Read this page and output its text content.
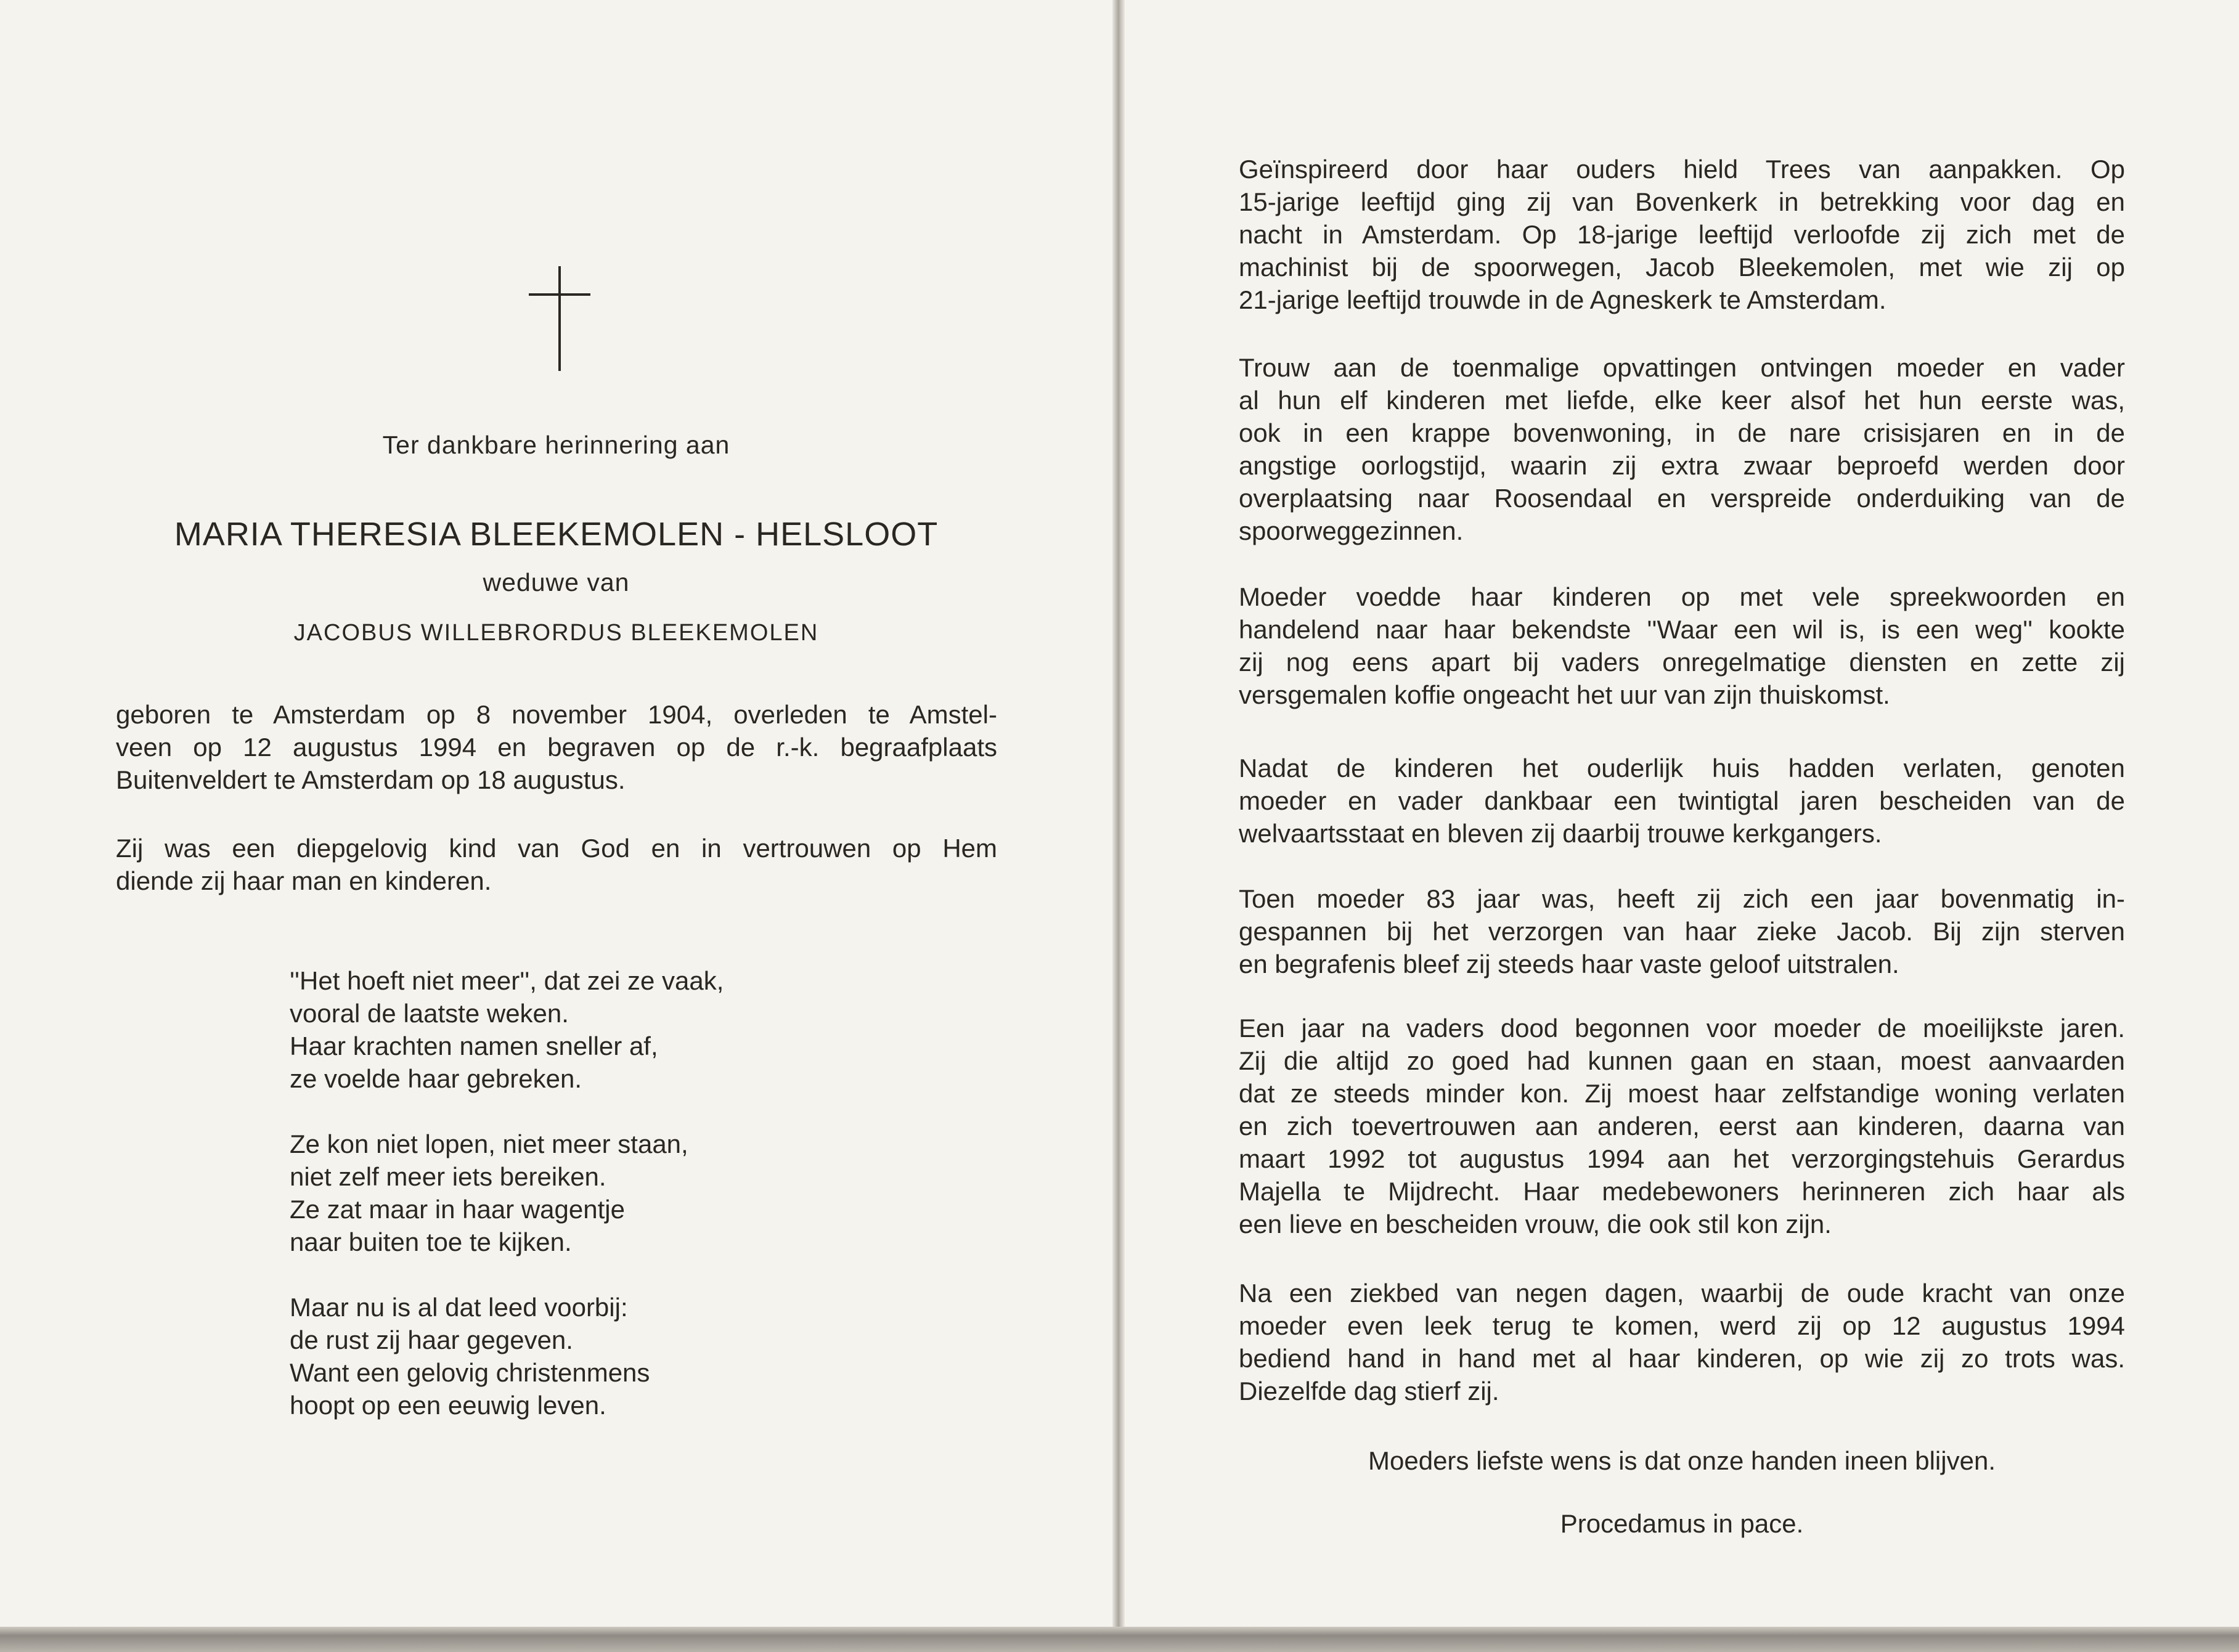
Ter dankbare herinnering aan
MARIA THERESIA BLEEKEMOLEN - HELSLOOT
weduwe van
JACOBUS WILLEBRORDUS BLEEKEMOLEN
geboren te Amsterdam op 8 november 1904, overleden te Amstel-
veen op 12 augustus 1994 en begraven op de r.-k. begraafplaats
Buitenveldert te Amsterdam op 18 augustus.
Zij was een diepgelovig kind van God en in vertrouwen op Hem
diende zij haar man en kinderen.
''Het hoeft niet meer'', dat zei ze vaak,
vooral de laatste weken.
Haar krachten namen sneller af,
ze voelde haar gebreken.
Ze kon niet lopen, niet meer staan,
niet zelf meer iets bereiken.
Ze zat maar in haar wagentje
naar buiten toe te kijken.
Maar nu is al dat leed voorbij:
de rust zij haar gegeven.
Want een gelovig christenmens
hoopt op een eeuwig leven.
Geïnspireerd door haar ouders hield Trees van aanpakken. Op
15-jarige leeftijd ging zij van Bovenkerk in betrekking voor dag en
nacht in Amsterdam. Op 18-jarige leeftijd verloofde zij zich met de
machinist bij de spoorwegen, Jacob Bleekemolen, met wie zij op
21-jarige leeftijd trouwde in de Agneskerk te Amsterdam.
Trouw aan de toenmalige opvattingen ontvingen moeder en vader
al hun elf kinderen met liefde, elke keer alsof het hun eerste was,
ook in een krappe bovenwoning, in de nare crisisjaren en in de
angstige oorlogstijd, waarin zij extra zwaar beproefd werden door
overplaatsing naar Roosendaal en verspreide onderduiking van de
spoorweggezinnen.
Moeder voedde haar kinderen op met vele spreekwoorden en
handelend naar haar bekendste ''Waar een wil is, is een weg'' kookte
zij nog eens apart bij vaders onregelmatige diensten en zette zij
versgemalen koffie ongeacht het uur van zijn thuiskomst.
Nadat de kinderen het ouderlijk huis hadden verlaten, genoten
moeder en vader dankbaar een twintigtal jaren bescheiden van de
welvaartsstaat en bleven zij daarbij trouwe kerkgangers.
Toen moeder 83 jaar was, heeft zij zich een jaar bovenmatig in-
gespannen bij het verzorgen van haar zieke Jacob. Bij zijn sterven
en begrafenis bleef zij steeds haar vaste geloof uitstralen.
Een jaar na vaders dood begonnen voor moeder de moeilijkste jaren.
Zij die altijd zo goed had kunnen gaan en staan, moest aanvaarden
dat ze steeds minder kon. Zij moest haar zelfstandige woning verlaten
en zich toevertrouwen aan anderen, eerst aan kinderen, daarna van
maart 1992 tot augustus 1994 aan het verzorgingstehuis Gerardus
Majella te Mijdrecht. Haar medebewoners herinneren zich haar als
een lieve en bescheiden vrouw, die ook stil kon zijn.
Na een ziekbed van negen dagen, waarbij de oude kracht van onze
moeder even leek terug te komen, werd zij op 12 augustus 1994
bediend hand in hand met al haar kinderen, op wie zij zo trots was.
Diezelfde dag stierf zij.
Moeders liefste wens is dat onze handen ineen blijven.
Procedamus in pace.
